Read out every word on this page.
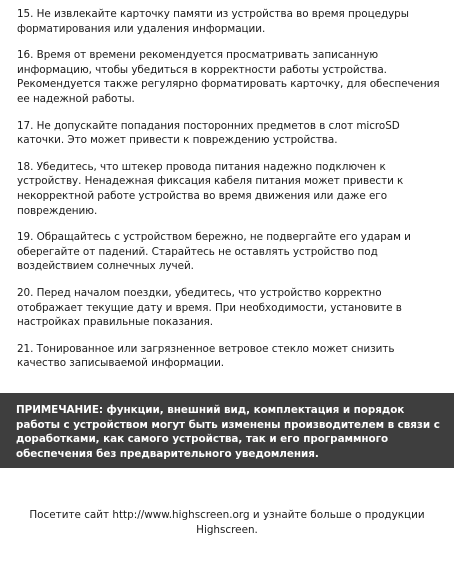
15. Не извлекайте карточку памяти из устройства во время процедуры форматирования или удаления информации.

16. Время от времени рекомендуется просматривать записанную информацию, чтобы убедиться в корректности работы устройства. Рекомендуется также регулярно форматировать карточку, для обеспечения ее надежной работы.

17. Не допускайте попадания посторонних предметов в слот microSD каточки. Это может привести к повреждению устройства.

18. Убедитесь, что штекер провода питания надежно подключен к устройству. Ненадежная фиксация кабеля питания может привести к некорректной работе устройства во время движения или даже его повреждению.

19. Обращайтесь с устройством бережно, не подвергайте его ударам и оберегайте от падений. Старайтесь не оставлять устройство под воздействием солнечных лучей.

20. Перед началом поездки, убедитесь, что устройство корректно отображает текущие дату и время. При необходимости, установите в настройках правильные показания.

21. Тонированное или загрязненное ветровое стекло может снизить качество записываемой информации.

ПРИМЕЧАНИЕ: функции, внешний вид, комплектация и порядок работы с устройством могут быть изменены производителем в связи с доработками, как самого устройства, так и его программного обеспечения без предварительного уведомления.
Посетите сайт http://www.highscreen.org и узнайте больше о продукции Highscreen.
